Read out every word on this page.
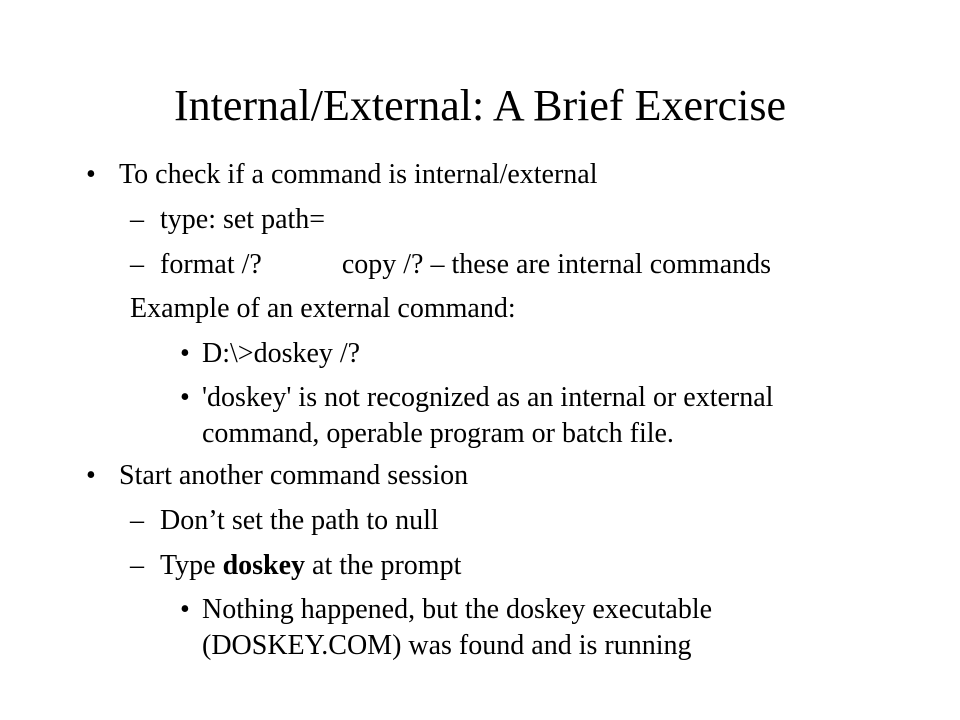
Internal/External: A Brief Exercise
• To check if a command is internal/external
– type: set path=
– format /?	copy /? – these are internal commands
Example of an external command:
• D:\>doskey /?
• 'doskey' is not recognized as an internal or external
command, operable program or batch file.
• Start another command session
– Don’t set the path to null
– Type doskey at the prompt
• Nothing happened, but the doskey executable
(DOSKEY.COM) was found and is running
